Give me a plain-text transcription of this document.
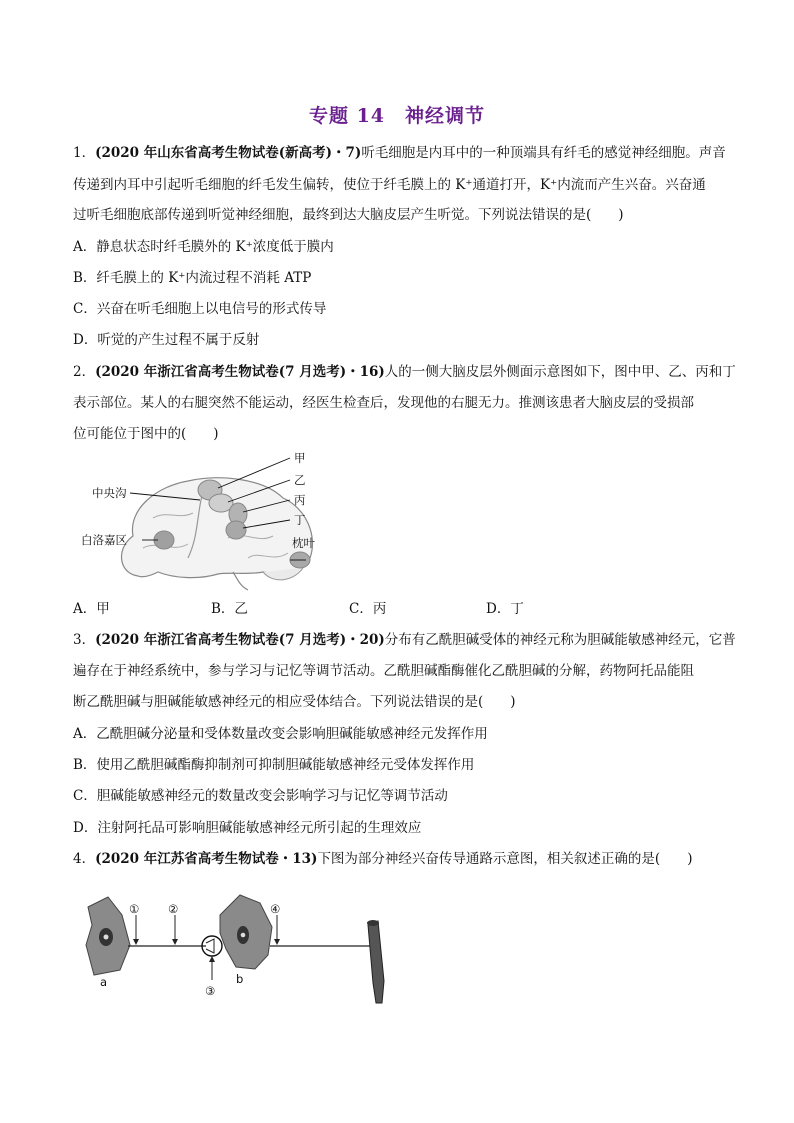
专题 14　神经调节
1．(2020 年山东省高考生物试卷(新高考)・7)听毛细胞是内耳中的一种顶端具有纤毛的感觉神经细胞。声音
传递到内耳中引起听毛细胞的纤毛发生偏转，使位于纤毛膜上的 K⁺通道打开，K⁺内流而产生兴奋。兴奋通
过听毛细胞底部传递到听觉神经细胞，最终到达大脑皮层产生听觉。下列说法错误的是(　　)
A．静息状态时纤毛膜外的 K⁺浓度低于膜内
B．纤毛膜上的 K⁺内流过程不消耗 ATP
C．兴奋在听毛细胞上以电信号的形式传导
D．听觉的产生过程不属于反射
2．(2020 年浙江省高考生物试卷(7 月选考)・16)人的一侧大脑皮层外侧面示意图如下，图中甲、乙、丙和丁
表示部位。某人的右腿突然不能运动，经医生检查后，发现他的右腿无力。推测该患者大脑皮层的受损部
位可能位于图中的(　　)
甲
乙
丙
丁
中央沟
白洛嘉区	枕叶
A．甲	B．乙	C．丙	D．丁
3．(2020 年浙江省高考生物试卷(7 月选考)・20)分布有乙酰胆碱受体的神经元称为胆碱能敏感神经元，它普
遍存在于神经系统中，参与学习与记忆等调节活动。乙酰胆碱酯酶催化乙酰胆碱的分解，药物阿托品能阻
断乙酰胆碱与胆碱能敏感神经元的相应受体结合。下列说法错误的是(　　)
A．乙酰胆碱分泌量和受体数量改变会影响胆碱能敏感神经元发挥作用
B．使用乙酰胆碱酯酶抑制剂可抑制胆碱能敏感神经元受体发挥作用
C．胆碱能敏感神经元的数量改变会影响学习与记忆等调节活动
D．注射阿托品可影响胆碱能敏感神经元所引起的生理效应
4．(2020 年江苏省高考生物试卷・13)下图为部分神经兴奋传导通路示意图，相关叙述正确的是(　　)
a
① ②
③
b
④
